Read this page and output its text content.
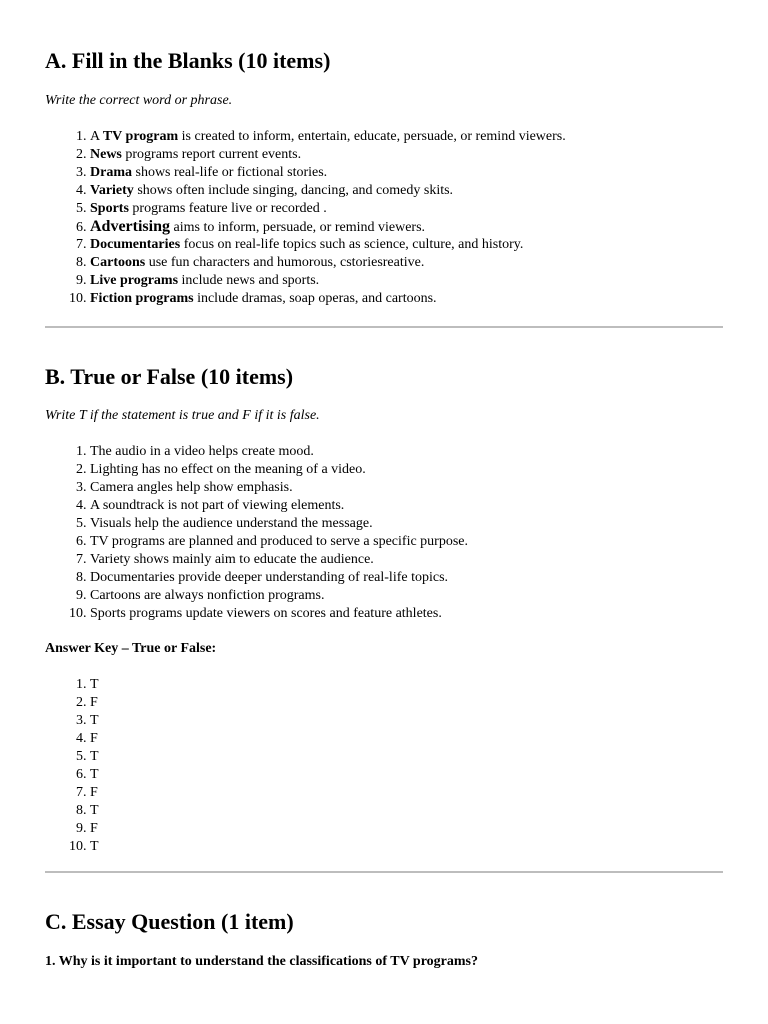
A. Fill in the Blanks (10 items)

Write the correct word or phrase.

1. A TV program is created to inform, entertain, educate, persuade, or remind viewers.
2. News programs report current events.
3. Drama shows real-life or fictional stories.
4. Variety shows often include singing, dancing, and comedy skits.
5. Sports programs feature live or recorded .
6. Advertising aims to inform, persuade, or remind viewers.
7. Documentaries focus on real-life topics such as science, culture, and history.
8. Cartoons use fun characters and humorous, cstoriesreative.
9. Live programs include news and sports.
10. Fiction programs include dramas, soap operas, and cartoons.
B. True or False (10 items)

Write T if the statement is true and F if it is false.

1. The audio in a video helps create mood.
2. Lighting has no effect on the meaning of a video.
3. Camera angles help show emphasis.
4. A soundtrack is not part of viewing elements.
5. Visuals help the audience understand the message.
6. TV programs are planned and produced to serve a specific purpose.
7. Variety shows mainly aim to educate the audience.
8. Documentaries provide deeper understanding of real-life topics.
9. Cartoons are always nonfiction programs.
10. Sports programs update viewers on scores and feature athletes.

Answer Key – True or False:

1. T
2. F
3. T
4. F
5. T
6. T
7. F
8. T
9. F
10. T
C. Essay Question (1 item)

1. Why is it important to understand the classifications of TV programs?
